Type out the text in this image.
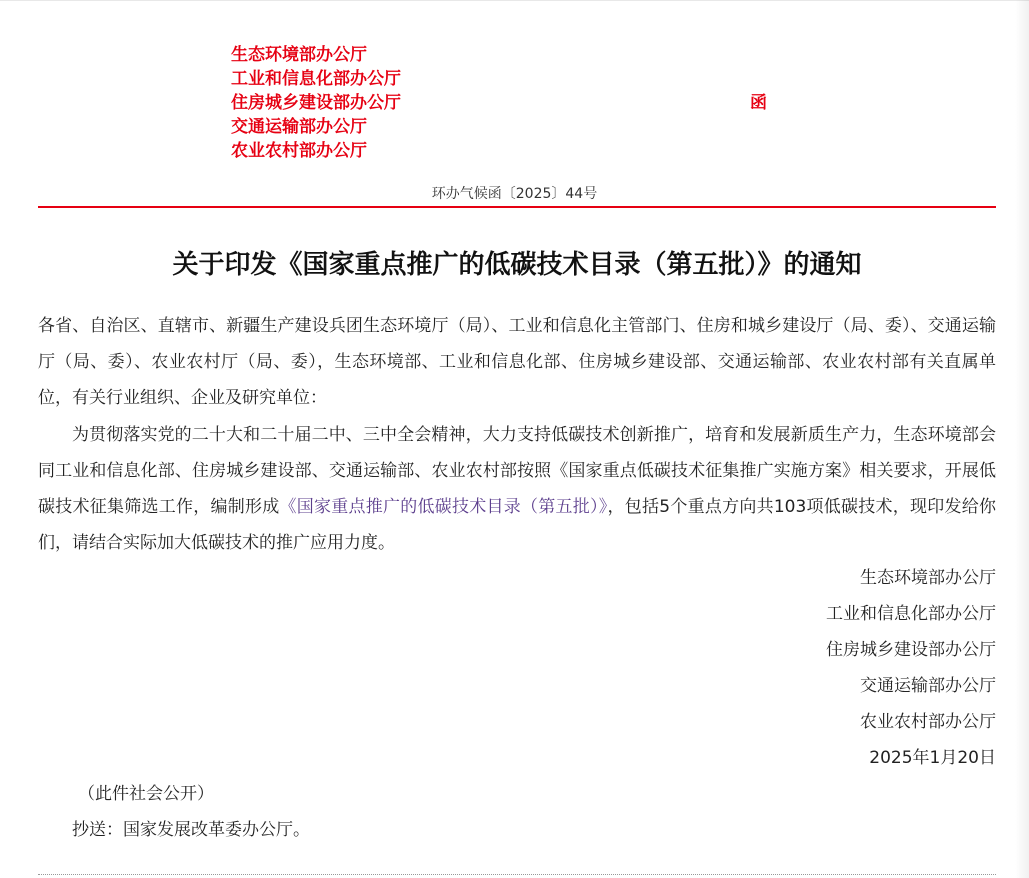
生态环境部办公厅
工业和信息化部办公厅
住房城乡建设部办公厅
交通运输部办公厅
农业农村部办公厅
函
环办气候函〔2025〕44号
关于印发《国家重点推广的低碳技术目录（第五批）》的通知
各省、自治区、直辖市、新疆生产建设兵团生态环境厅（局）、工业和信息化主管部门、住房和城乡建设厅（局、委）、交通运输厅（局、委）、农业农村厅（局、委），生态环境部、工业和信息化部、住房城乡建设部、交通运输部、农业农村部有关直属单位，有关行业组织、企业及研究单位：
为贯彻落实党的二十大和二十届二中、三中全会精神，大力支持低碳技术创新推广，培育和发展新质生产力，生态环境部会同工业和信息化部、住房城乡建设部、交通运输部、农业农村部按照《国家重点低碳技术征集推广实施方案》相关要求，开展低碳技术征集筛选工作，编制形成《国家重点推广的低碳技术目录（第五批）》，包括5个重点方向共103项低碳技术，现印发给你们，请结合实际加大低碳技术的推广应用力度。
生态环境部办公厅
工业和信息化部办公厅
住房城乡建设部办公厅
交通运输部办公厅
农业农村部办公厅
2025年1月20日
（此件社会公开）
抄送：国家发展改革委办公厅。
